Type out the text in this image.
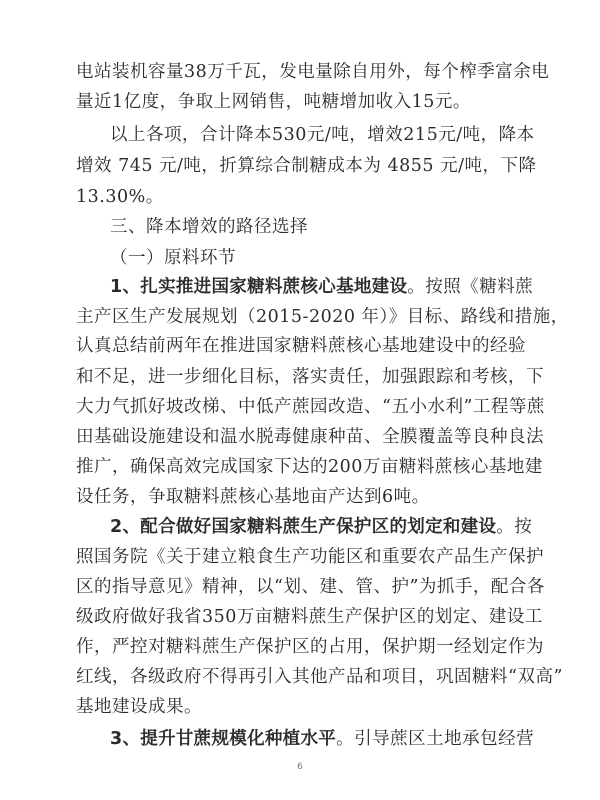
电站装机容量38万千瓦，发电量除自用外，每个榨季富余电
量近1亿度，争取上网销售，吨糖增加收入15元。
以上各项，合计降本530元/吨，增效215元/吨，降本
增效 745 元/吨，折算综合制糖成本为 4855 元/吨，下降
13.30%。
三、降本增效的路径选择
（一）原料环节
1、扎实推进国家糖料蔗核心基地建设。按照《糖料蔗
主产区生产发展规划（2015-2020 年）》目标、路线和措施，
认真总结前两年在推进国家糖料蔗核心基地建设中的经验
和不足，进一步细化目标，落实责任，加强跟踪和考核，下
大力气抓好坡改梯、中低产蔗园改造、“五小水利”工程等蔗
田基础设施建设和温水脱毒健康种苗、全膜覆盖等良种良法
推广，确保高效完成国家下达的200万亩糖料蔗核心基地建
设任务，争取糖料蔗核心基地亩产达到6吨。
2、配合做好国家糖料蔗生产保护区的划定和建设。按
照国务院《关于建立粮食生产功能区和重要农产品生产保护
区的指导意见》精神，以“划、建、管、护”为抓手，配合各
级政府做好我省350万亩糖料蔗生产保护区的划定、建设工
作，严控对糖料蔗生产保护区的占用，保护期一经划定作为
红线，各级政府不得再引入其他产品和项目，巩固糖料“双高”
基地建设成果。
3、提升甘蔗规模化种植水平。引导蔗区土地承包经营
6
